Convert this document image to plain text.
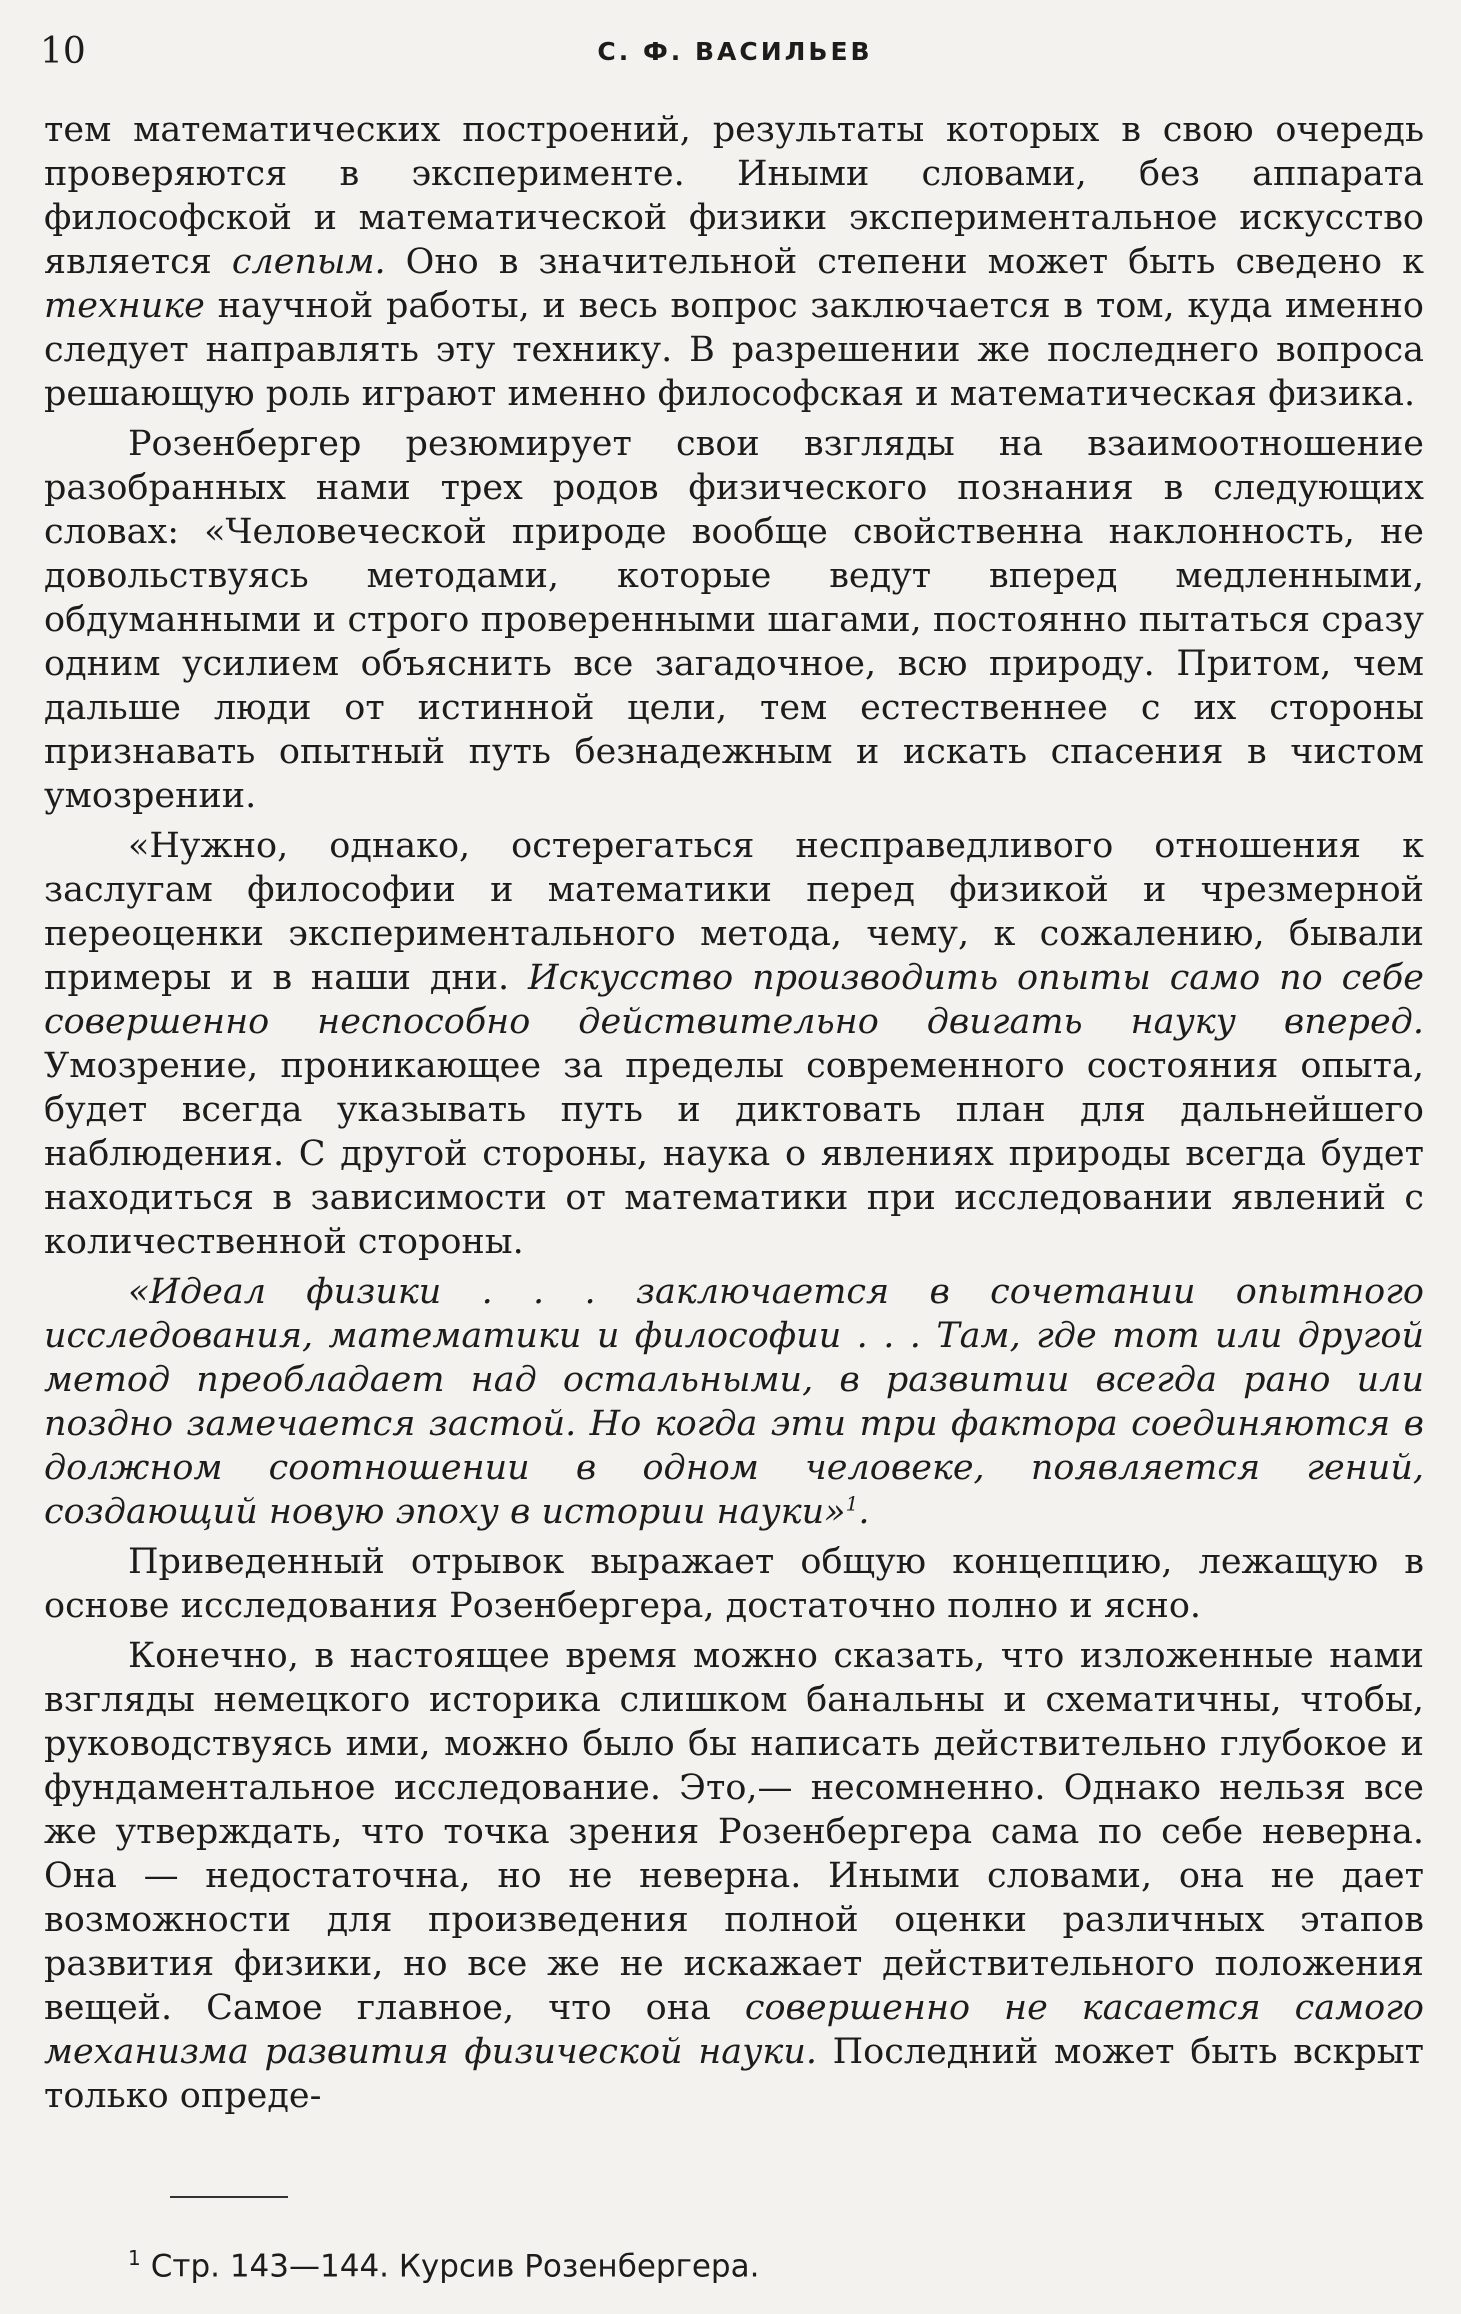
10	С. Ф. ВАСИЛЬЕВ

тем математических построений, результаты которых в свою очередь проверяются в эксперименте. Иными словами, без аппарата философской и математической физики экспериментальное искусство является слепым. Оно в значительной степени может быть сведено к технике научной работы, и весь вопрос заключается в том, куда именно следует направлять эту технику. В разрешении же последнего вопроса решающую роль играют именно философская и математическая физика.

Розенбергер резюмирует свои взгляды на взаимоотношение разобранных нами трех родов физического познания в следующих словах: «Человеческой природе вообще свойственна наклонность, не довольствуясь методами, которые ведут вперед медленными, обдуманными и строго проверенными шагами, постоянно пытаться сразу одним усилием объяснить все загадочное, всю природу. Притом, чем дальше люди от истинной цели, тем естественнее с их стороны признавать опытный путь безнадежным и искать спасения в чистом умозрении.

«Нужно, однако, остерегаться несправедливого отношения к заслугам философии и математики перед физикой и чрезмерной переоценки экспериментального метода, чему, к сожалению, бывали примеры и в наши дни. Искусство производить опыты само по себе совершенно неспособно действительно двигать науку вперед. Умозрение, проникающее за пределы современного состояния опыта, будет всегда указывать путь и диктовать план для дальнейшего наблюдения. С другой стороны, наука о явлениях природы всегда будет находиться в зависимости от математики при исследовании явлений с количественной стороны.

«Идеал физики . . . заключается в сочетании опытного исследования, математики и философии . . . Там, где тот или другой метод преобладает над остальными, в развитии всегда рано или поздно замечается застой. Но когда эти три фактора соединяются в должном соотношении в одном человеке, появляется гений, создающий новую эпоху в истории науки»$^1$.

Приведенный отрывок выражает общую концепцию, лежащую в основе исследования Розенбергера, достаточно полно и ясно.

Конечно, в настоящее время можно сказать, что изложенные нами взгляды немецкого историка слишком банальны и схематичны, чтобы, руководствуясь ими, можно было бы написать действительно глубокое и фундаментальное исследование. Это,— несомненно. Однако нельзя все же утверждать, что точка зрения Розенбергера сама по себе неверна. Она — недостаточна, но не неверна. Иными словами, она не дает возможности для произведения полной оценки различных этапов развития физики, но все же не искажает действительного положения вещей. Самое главное, что она совершенно не касается самого механизма развития физической науки. Последний может быть вскрыт только опреде-

$^1$ Стр. 143—144. Курсив Розенбергера.
